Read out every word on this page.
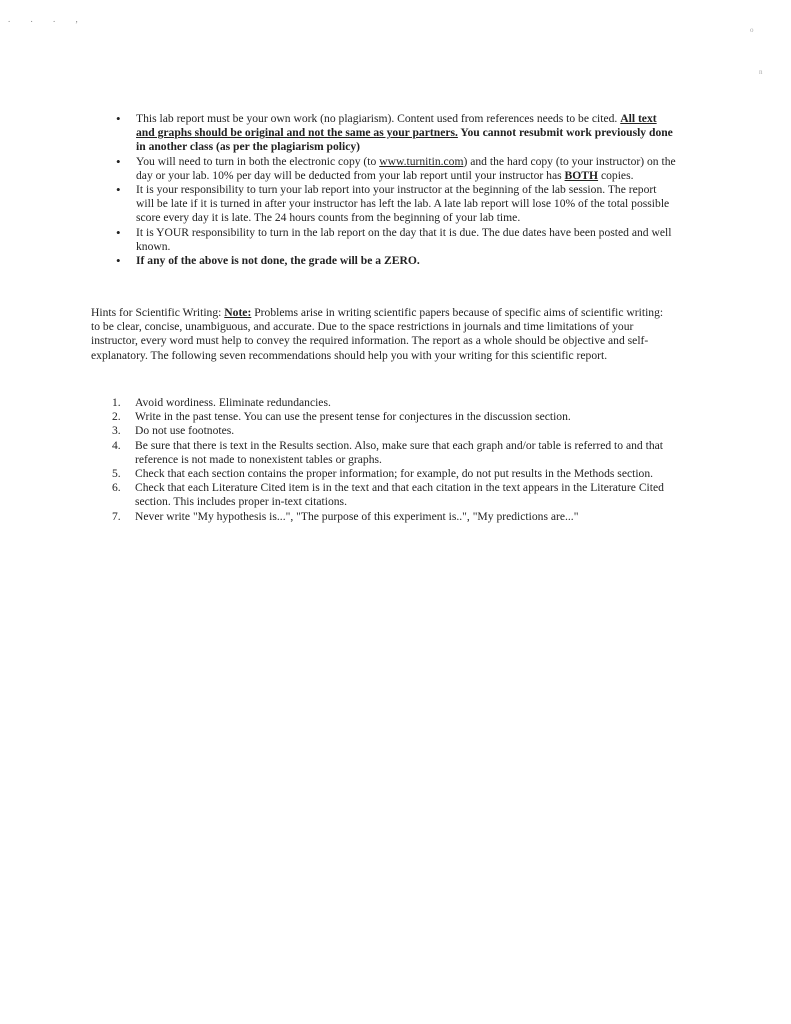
. . . ,
o
n
• This lab report must be your own work (no plagiarism). Content used from references needs to be cited. All text and graphs should be original and not the same as your partners. You cannot resubmit work previously done in another class (as per the plagiarism policy)
• You will need to turn in both the electronic copy (to www.turnitin.com) and the hard copy (to your instructor) on the day or your lab. 10% per day will be deducted from your lab report until your instructor has BOTH copies.
• It is your responsibility to turn your lab report into your instructor at the beginning of the lab session. The report will be late if it is turned in after your instructor has left the lab. A late lab report will lose 10% of the total possible score every day it is late. The 24 hours counts from the beginning of your lab time.
• It is YOUR responsibility to turn in the lab report on the day that it is due. The due dates have been posted and well known.
• If any of the above is not done, the grade will be a ZERO.

Hints for Scientific Writing: Note: Problems arise in writing scientific papers because of specific aims of scientific writing: to be clear, concise, unambiguous, and accurate. Due to the space restrictions in journals and time limitations of your instructor, every word must help to convey the required information. The report as a whole should be objective and self-explanatory. The following seven recommendations should help you with your writing for this scientific report.

1. Avoid wordiness. Eliminate redundancies.
2. Write in the past tense. You can use the present tense for conjectures in the discussion section.
3. Do not use footnotes.
4. Be sure that there is text in the Results section. Also, make sure that each graph and/or table is referred to and that reference is not made to nonexistent tables or graphs.
5. Check that each section contains the proper information; for example, do not put results in the Methods section.
6. Check that each Literature Cited item is in the text and that each citation in the text appears in the Literature Cited section. This includes proper in-text citations.
7. Never write "My hypothesis is...", "The purpose of this experiment is..", "My predictions are..."
